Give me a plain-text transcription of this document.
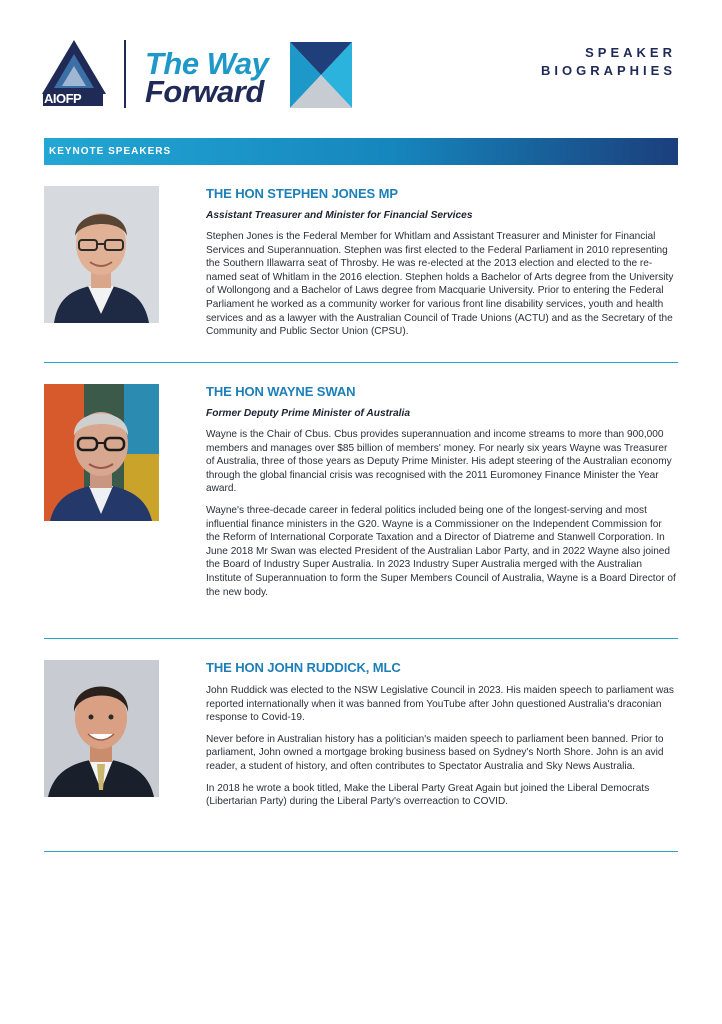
AIOFP
The Way
Forward
SPEAKER
BIOGRAPHIES
KEYNOTE SPEAKERS

THE HON STEPHEN JONES MP

Assistant Treasurer and Minister for Financial Services

Stephen Jones is the Federal Member for Whitlam and Assistant Treasurer and Minister for Financial Services and Superannuation. Stephen was first elected to the Federal Parliament in 2010 representing the Southern Illawarra seat of Throsby. He was re-elected at the 2013 election and elected to the re-named seat of Whitlam in the 2016 election. Stephen holds a Bachelor of Arts degree from the University of Wollongong and a Bachelor of Laws degree from Macquarie University. Prior to entering the Federal Parliament he worked as a community worker for various front line disability services, youth and health services and as a lawyer with the Australian Council of Trade Unions (ACTU) and as the Secretary of the Community and Public Sector Union (CPSU).

THE HON WAYNE SWAN

Former Deputy Prime Minister of Australia

Wayne is the Chair of Cbus. Cbus provides superannuation and income streams to more than 900,000 members and manages over $85 billion of members' money. For nearly six years Wayne was Treasurer of Australia, three of those years as Deputy Prime Minister. His adept steering of the Australian economy through the global financial crisis was recognised with the 2011 Euromoney Finance Minister the Year award.

Wayne's three-decade career in federal politics included being one of the longest-serving and most influential finance ministers in the G20. Wayne is a Commissioner on the Independent Commission for the Reform of International Corporate Taxation and a Director of Diatreme and Stanwell Corporation. In June 2018 Mr Swan was elected President of the Australian Labor Party, and in 2022 Wayne also joined the Board of Industry Super Australia. In 2023 Industry Super Australia merged with the Australian Institute of Superannuation to form the Super Members Council of Australia, Wayne is a Board Director of the new body.

THE HON JOHN RUDDICK, MLC

John Ruddick was elected to the NSW Legislative Council in 2023. His maiden speech to parliament was reported internationally when it was banned from YouTube after John questioned Australia's draconian response to Covid-19.

Never before in Australian history has a politician's maiden speech to parliament been banned. Prior to parliament, John owned a mortgage broking business based on Sydney's North Shore. John is an avid reader, a student of history, and often contributes to Spectator Australia and Sky News Australia.

In 2018 he wrote a book titled, Make the Liberal Party Great Again but joined the Liberal Democrats (Libertarian Party) during the Liberal Party's overreaction to COVID.
